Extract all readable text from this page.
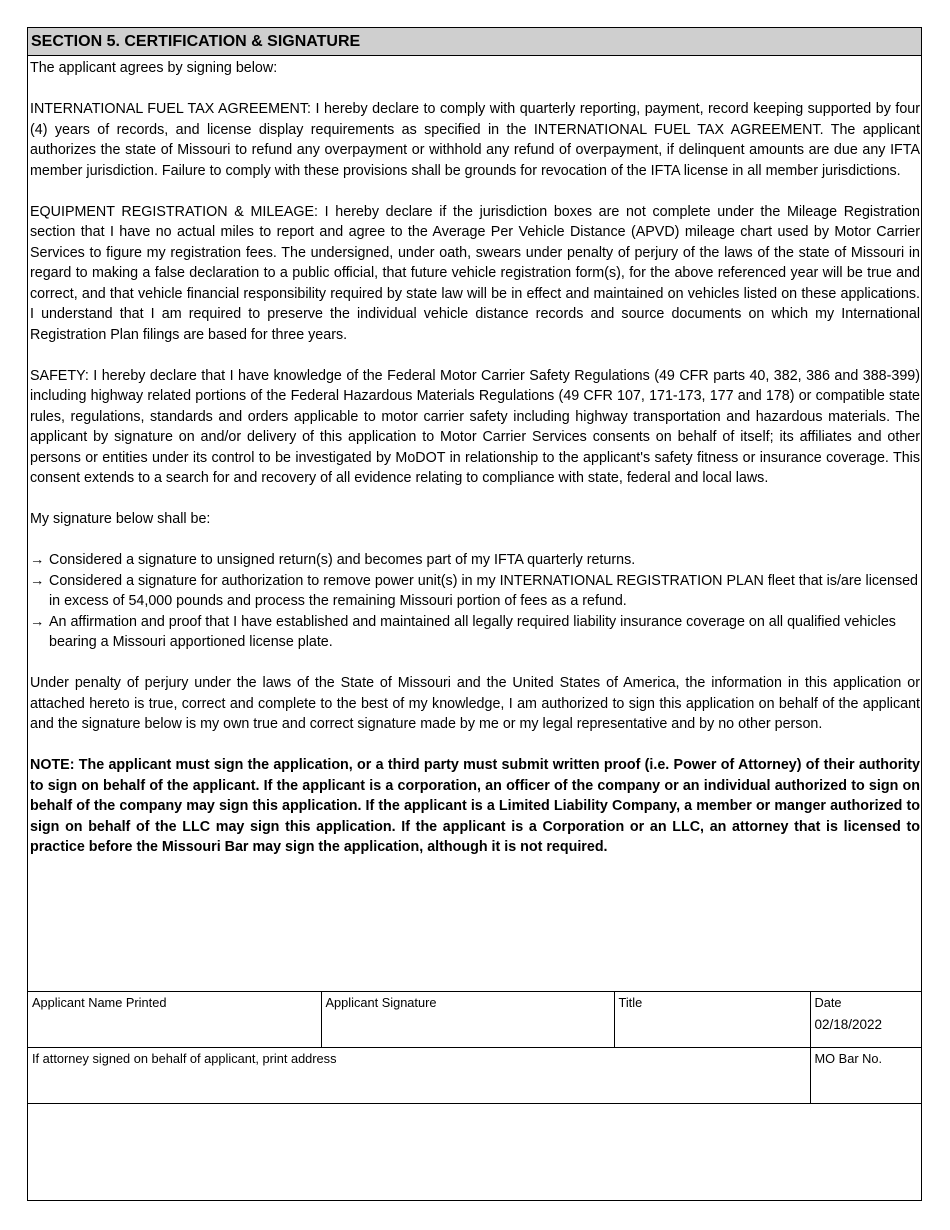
SECTION 5. CERTIFICATION & SIGNATURE

The applicant agrees by signing below:

INTERNATIONAL FUEL TAX AGREEMENT: I hereby declare to comply with quarterly reporting, payment, record keeping supported by four (4) years of records, and license display requirements as specified in the INTERNATIONAL FUEL TAX AGREEMENT. The applicant authorizes the state of Missouri to refund any overpayment or withhold any refund of overpayment, if delinquent amounts are due any IFTA member jurisdiction. Failure to comply with these provisions shall be grounds for revocation of the IFTA license in all member jurisdictions.

EQUIPMENT REGISTRATION & MILEAGE: I hereby declare if the jurisdiction boxes are not complete under the Mileage Registration section that I have no actual miles to report and agree to the Average Per Vehicle Distance (APVD) mileage chart used by Motor Carrier Services to figure my registration fees. The undersigned, under oath, swears under penalty of perjury of the laws of the state of Missouri in regard to making a false declaration to a public official, that future vehicle registration form(s), for the above referenced year will be true and correct, and that vehicle financial responsibility required by state law will be in effect and maintained on vehicles listed on these applications. I understand that I am required to preserve the individual vehicle distance records and source documents on which my International Registration Plan filings are based for three years.

SAFETY: I hereby declare that I have knowledge of the Federal Motor Carrier Safety Regulations (49 CFR parts 40, 382, 386 and 388-399) including highway related portions of the Federal Hazardous Materials Regulations (49 CFR 107, 171-173, 177 and 178) or compatible state rules, regulations, standards and orders applicable to motor carrier safety including highway transportation and hazardous materials. The applicant by signature on and/or delivery of this application to Motor Carrier Services consents on behalf of itself; its affiliates and other persons or entities under its control to be investigated by MoDOT in relationship to the applicant's safety fitness or insurance coverage. This consent extends to a search for and recovery of all evidence relating to compliance with state, federal and local laws.

My signature below shall be:

→ Considered a signature to unsigned return(s) and becomes part of my IFTA quarterly returns.
→ Considered a signature for authorization to remove power unit(s) in my INTERNATIONAL REGISTRATION PLAN fleet that is/are licensed in excess of 54,000 pounds and process the remaining Missouri portion of fees as a refund.
→ An affirmation and proof that I have established and maintained all legally required liability insurance coverage on all qualified vehicles bearing a Missouri apportioned license plate.

Under penalty of perjury under the laws of the State of Missouri and the United States of America, the information in this application or attached hereto is true, correct and complete to the best of my knowledge, I am authorized to sign this application on behalf of the applicant and the signature below is my own true and correct signature made by me or my legal representative and by no other person.

NOTE: The applicant must sign the application, or a third party must submit written proof (i.e. Power of Attorney) of their authority to sign on behalf of the applicant. If the applicant is a corporation, an officer of the company or an individual authorized to sign on behalf of the company may sign this application. If the applicant is a Limited Liability Company, a member or manger authorized to sign on behalf of the LLC may sign this application. If the applicant is a Corporation or an LLC, an attorney that is licensed to practice before the Missouri Bar may sign the application, although it is not required.

Applicant Name Printed	Applicant Signature	Title	Date
02/18/2022

If attorney signed on behalf of applicant, print address			MO Bar No.
